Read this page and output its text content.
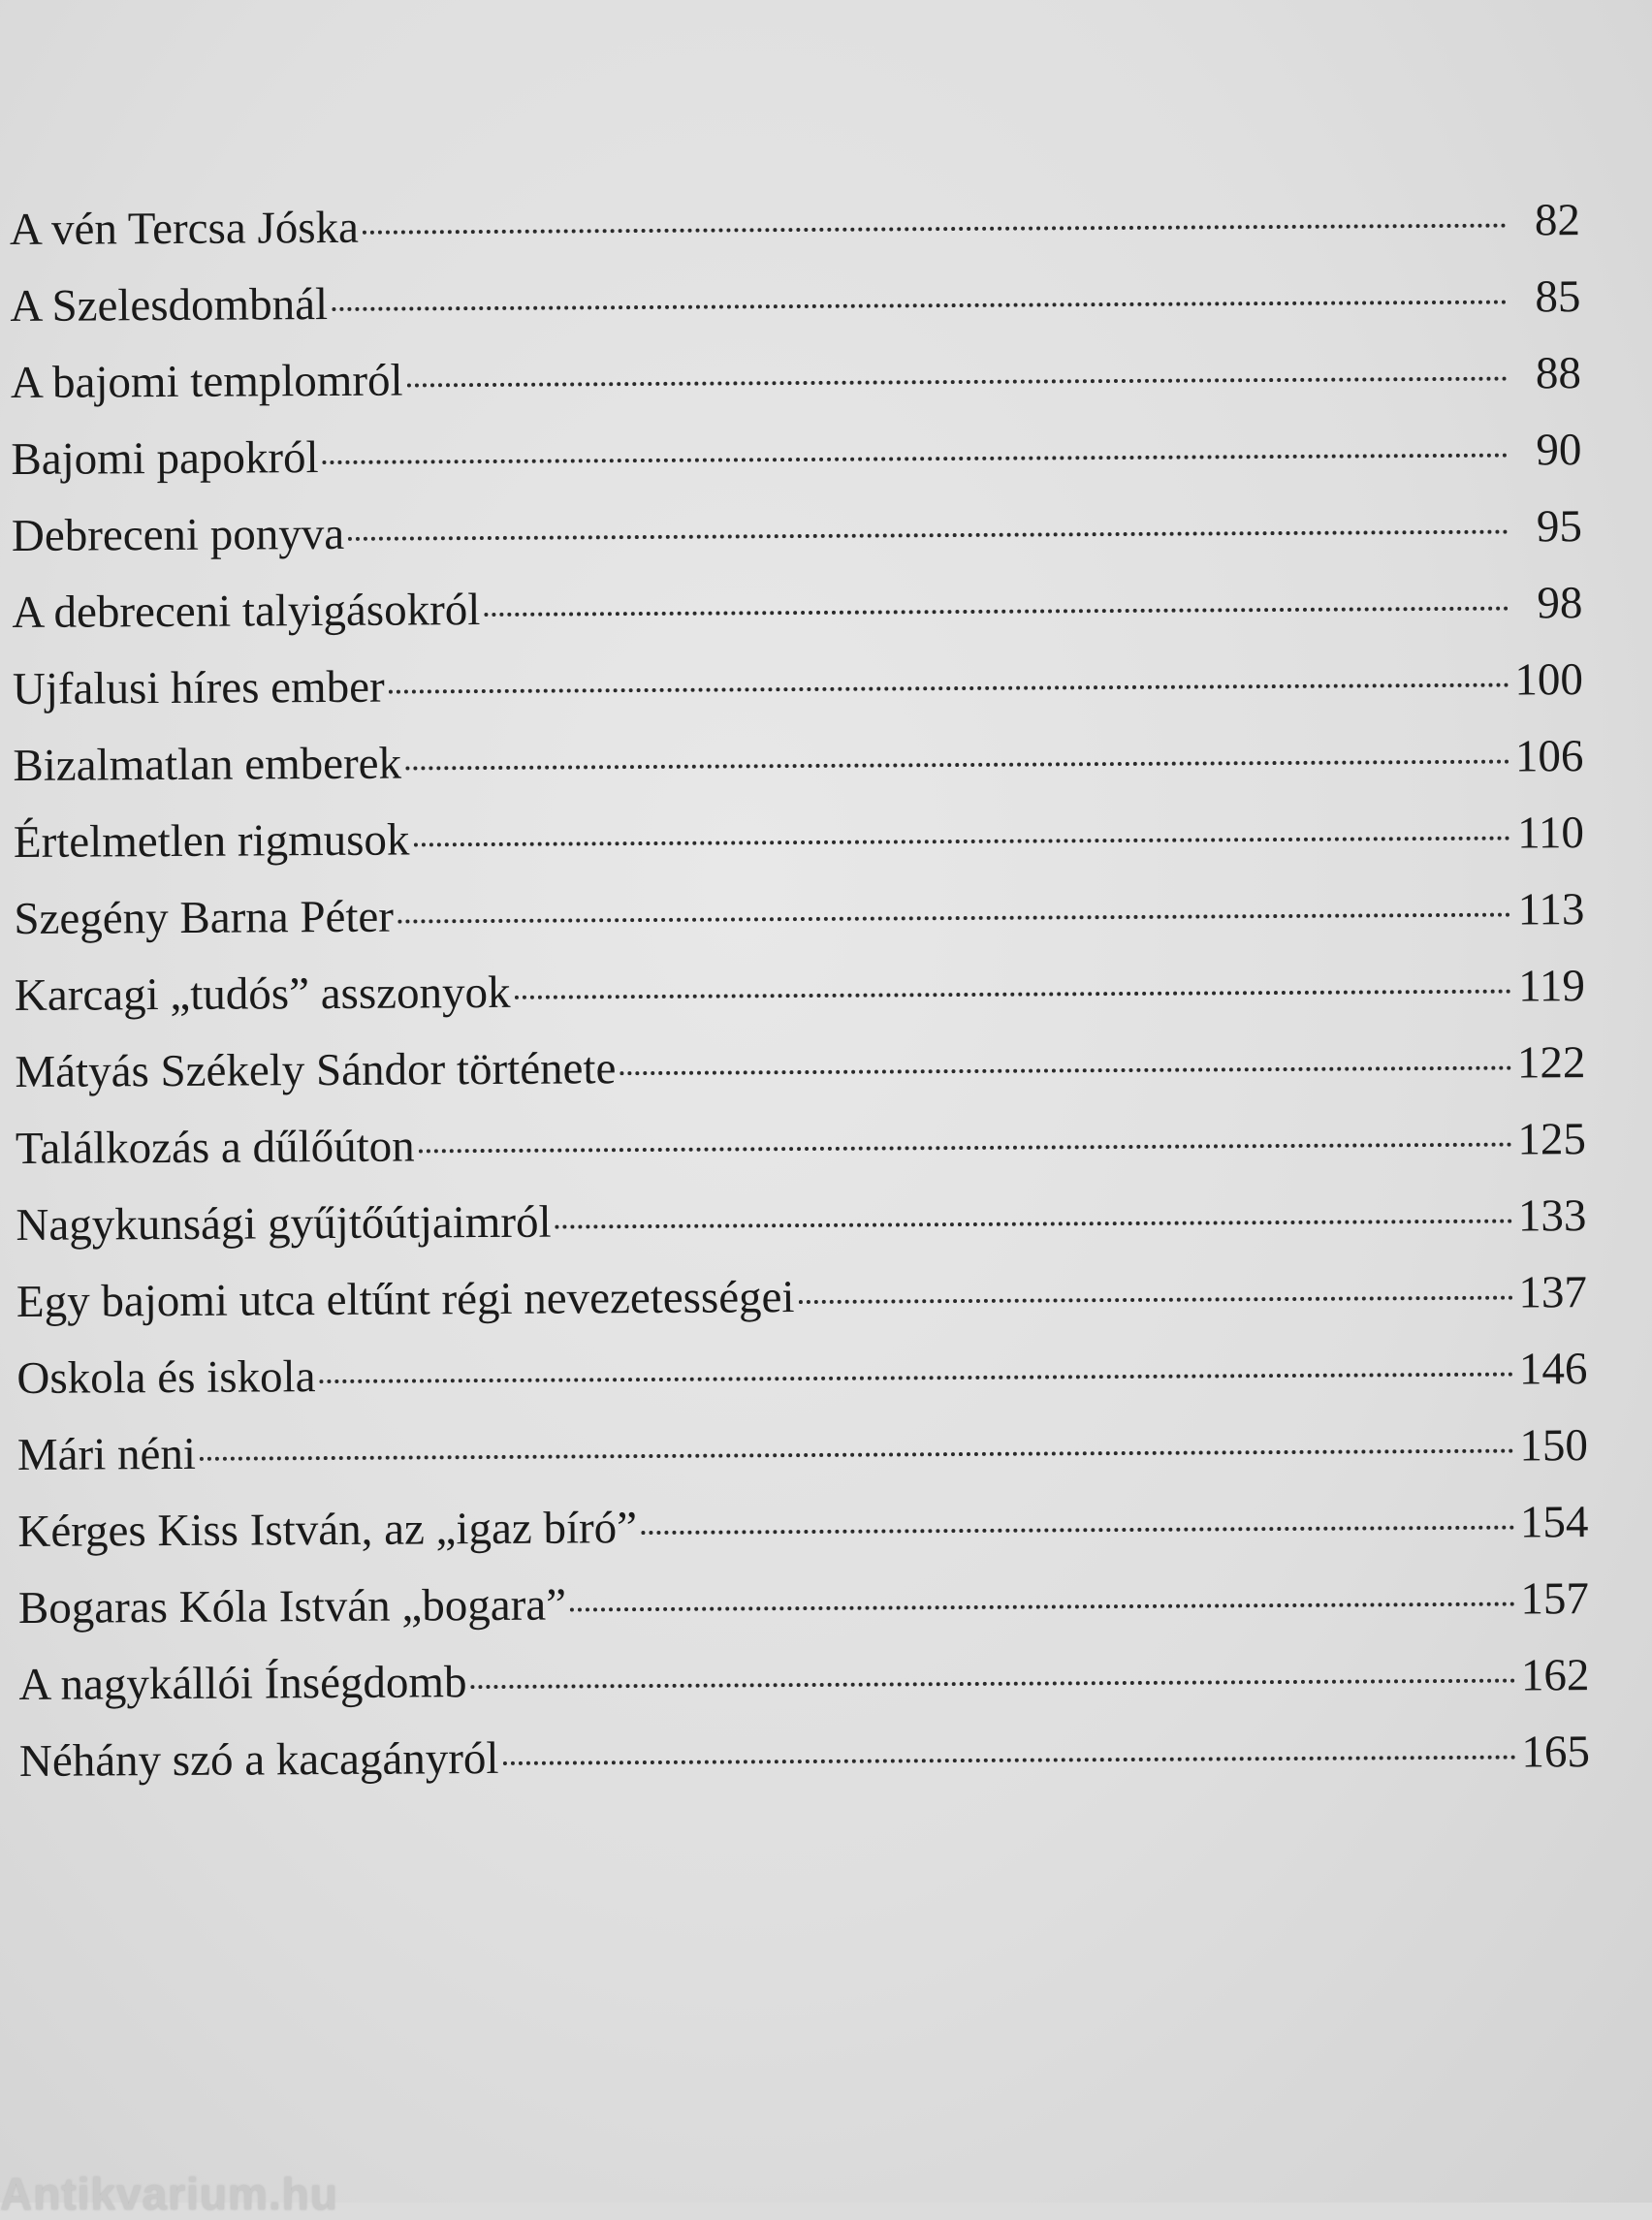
A vén Tercsa Jóska	82
A Szelesdombnál	85
A bajomi templomról	88
Bajomi papokról	90
Debreceni ponyva	95
A debreceni talyigásokról	98
Ujfalusi híres ember	100
Bizalmatlan emberek	106
Értelmetlen rigmusok	110
Szegény Barna Péter	113
Karcagi „tudós” asszonyok	119
Mátyás Székely Sándor története	122
Találkozás a dűlőúton	125
Nagykunsági gyűjtőútjaimról	133
Egy bajomi utca eltűnt régi nevezetességei	137
Oskola és iskola	146
Mári néni	150
Kérges Kiss István, az „igaz bíró”	154
Bogaras Kóla István „bogara”	157
A nagykállói Ínségdomb	162
Néhány szó a kacagányról	165
Antikvarium.hu
